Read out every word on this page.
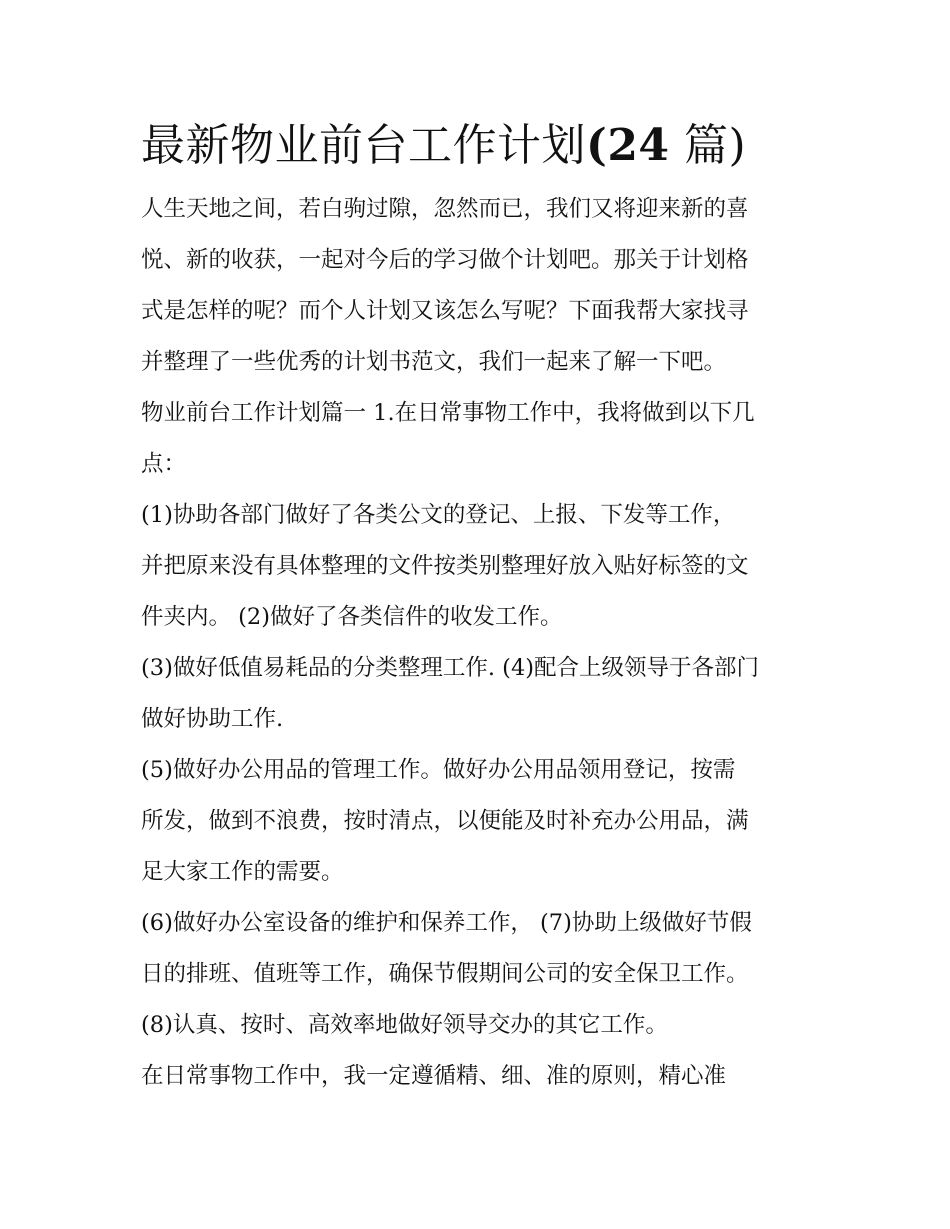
最新物业前台工作计划(24 篇)

人生天地之间，若白驹过隙，忽然而已，我们又将迎来新的喜
悦、新的收获，一起对今后的学习做个计划吧。那关于计划格
式是怎样的呢？而个人计划又该怎么写呢？下面我帮大家找寻
并整理了一些优秀的计划书范文，我们一起来了解一下吧。

物业前台工作计划篇一 1.在日常事物工作中，我将做到以下几
点：

(1)协助各部门做好了各类公文的登记、上报、下发等工作，

并把原来没有具体整理的文件按类别整理好放入贴好标签的文
件夹内。 (2)做好了各类信件的收发工作。

(3)做好低值易耗品的分类整理工作. (4)配合上级领导于各部门
做好协助工作.

(5)做好办公用品的管理工作。做好办公用品领用登记，按需
所发，做到不浪费，按时清点，以便能及时补充办公用品，满
足大家工作的需要。

(6)做好办公室设备的维护和保养工作， (7)协助上级做好节假
日的排班、值班等工作，确保节假期间公司的安全保卫工作。

(8)认真、按时、高效率地做好领导交办的其它工作。

在日常事物工作中，我一定遵循精、细、准的原则，精心准
